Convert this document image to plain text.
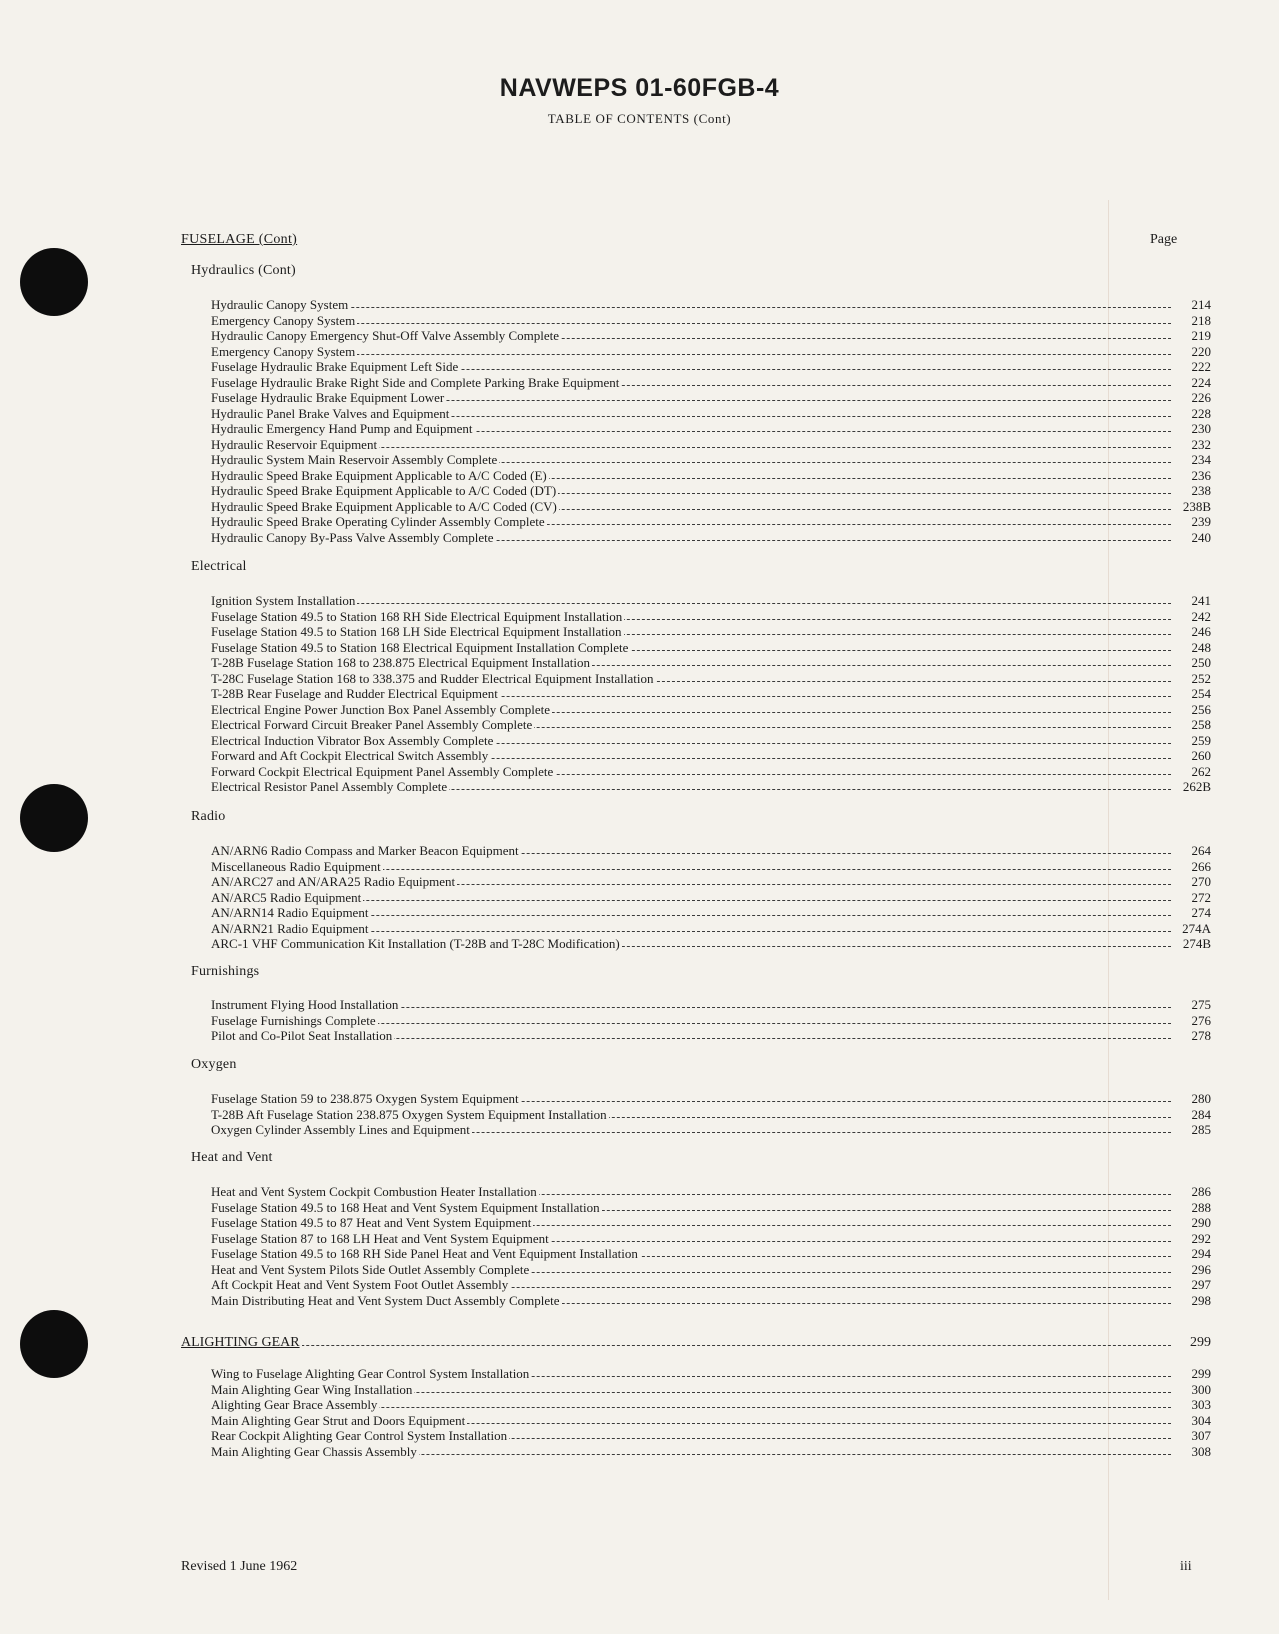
NAVWEPS 01-60FGB-4
TABLE OF CONTENTS (Cont)
FUSELAGE (Cont)	Page
Hydraulics (Cont)
Hydraulic Canopy System	214
Emergency Canopy System	218
Hydraulic Canopy Emergency Shut-Off Valve Assembly Complete	219
Emergency Canopy System	220
Fuselage Hydraulic Brake Equipment Left Side	222
Fuselage Hydraulic Brake Right Side and Complete Parking Brake Equipment	224
Fuselage Hydraulic Brake Equipment Lower	226
Hydraulic Panel Brake Valves and Equipment	228
Hydraulic Emergency Hand Pump and Equipment	230
Hydraulic Reservoir Equipment	232
Hydraulic System Main Reservoir Assembly Complete	234
Hydraulic Speed Brake Equipment Applicable to A/C Coded (E)	236
Hydraulic Speed Brake Equipment Applicable to A/C Coded (DT)	238
Hydraulic Speed Brake Equipment Applicable to A/C Coded (CV)	238B
Hydraulic Speed Brake Operating Cylinder Assembly Complete	239
Hydraulic Canopy By-Pass Valve Assembly Complete	240
Electrical
Ignition System Installation	241
Fuselage Station 49.5 to Station 168 RH Side Electrical Equipment Installation	242
Fuselage Station 49.5 to Station 168 LH Side Electrical Equipment Installation	246
Fuselage Station 49.5 to Station 168 Electrical Equipment Installation Complete	248
T-28B Fuselage Station 168 to 238.875 Electrical Equipment Installation	250
T-28C Fuselage Station 168 to 338.375 and Rudder Electrical Equipment Installation	252
T-28B Rear Fuselage and Rudder Electrical Equipment	254
Electrical Engine Power Junction Box Panel Assembly Complete	256
Electrical Forward Circuit Breaker Panel Assembly Complete	258
Electrical Induction Vibrator Box Assembly Complete	259
Forward and Aft Cockpit Electrical Switch Assembly	260
Forward Cockpit Electrical Equipment Panel Assembly Complete	262
Electrical Resistor Panel Assembly Complete	262B
Radio
AN/ARN6 Radio Compass and Marker Beacon Equipment	264
Miscellaneous Radio Equipment	266
AN/ARC27 and AN/ARA25 Radio Equipment	270
AN/ARC5 Radio Equipment	272
AN/ARN14 Radio Equipment	274
AN/ARN21 Radio Equipment	274A
ARC-1 VHF Communication Kit Installation (T-28B and T-28C Modification)	274B
Furnishings
Instrument Flying Hood Installation	275
Fuselage Furnishings Complete	276
Pilot and Co-Pilot Seat Installation	278
Oxygen
Fuselage Station 59 to 238.875 Oxygen System Equipment	280
T-28B Aft Fuselage Station 238.875 Oxygen System Equipment Installation	284
Oxygen Cylinder Assembly Lines and Equipment	285
Heat and Vent
Heat and Vent System Cockpit Combustion Heater Installation	286
Fuselage Station 49.5 to 168 Heat and Vent System Equipment Installation	288
Fuselage Station 49.5 to 87 Heat and Vent System Equipment	290
Fuselage Station 87 to 168 LH Heat and Vent System Equipment	292
Fuselage Station 49.5 to 168 RH Side Panel Heat and Vent Equipment Installation	294
Heat and Vent System Pilots Side Outlet Assembly Complete	296
Aft Cockpit Heat and Vent System Foot Outlet Assembly	297
Main Distributing Heat and Vent System Duct Assembly Complete	298
ALIGHTING GEAR	299
Wing to Fuselage Alighting Gear Control System Installation	299
Main Alighting Gear Wing Installation	300
Alighting Gear Brace Assembly	303
Main Alighting Gear Strut and Doors Equipment	304
Rear Cockpit Alighting Gear Control System Installation	307
Main Alighting Gear Chassis Assembly	308
Revised 1 June 1962	iii
